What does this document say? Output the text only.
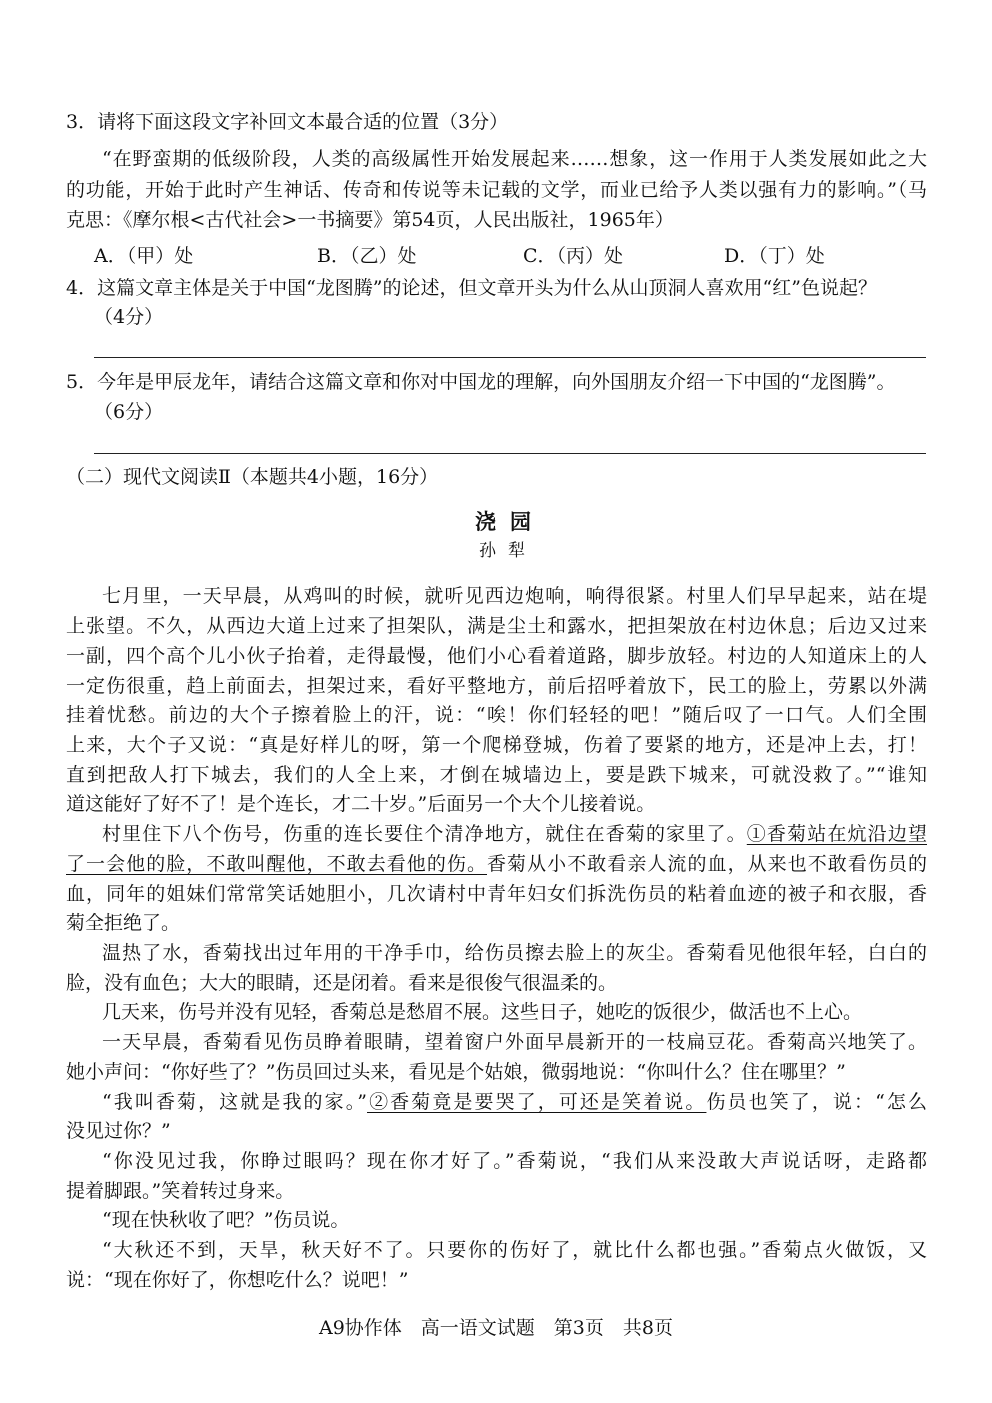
3．请将下面这段文字补回文本最合适的位置（3分）
“在野蛮期的低级阶段，人类的高级属性开始发展起来……想象，这一作用于人类发展如此之大
的功能，开始于此时产生神话、传奇和传说等未记载的文学，而业已给予人类以强有力的影响。”（马
克思：《摩尔根<古代社会>一书摘要》第54页，人民出版社，1965年）
A．（甲）处	B．（乙）处	C．（丙）处	D．（丁）处
4．这篇文章主体是关于中国“龙图腾”的论述，但文章开头为什么从山顶洞人喜欢用“红”色说起？
（4分）
5．今年是甲辰龙年，请结合这篇文章和你对中国龙的理解，向外国朋友介绍一下中国的“龙图腾”。
（6分）
（二）现代文阅读Ⅱ（本题共4小题，16分）
浇园
孙犁
七月里，一天早晨，从鸡叫的时候，就听见西边炮响，响得很紧。村里人们早早起来，站在堤
上张望。不久，从西边大道上过来了担架队，满是尘土和露水，把担架放在村边休息；后边又过来
一副，四个高个儿小伙子抬着，走得最慢，他们小心看着道路，脚步放轻。村边的人知道床上的人
一定伤很重，趋上前面去，担架过来，看好平整地方，前后招呼着放下，民工的脸上，劳累以外满
挂着忧愁。前边的大个子擦着脸上的汗，说：“唉！你们轻轻的吧！”随后叹了一口气。人们全围
上来，大个子又说：“真是好样儿的呀，第一个爬梯登城，伤着了要紧的地方，还是冲上去，打！
直到把敌人打下城去，我们的人全上来，才倒在城墙边上，要是跌下城来，可就没救了。”“谁知
道这能好了好不了！是个连长，才二十岁。”后面另一个大个儿接着说。
村里住下八个伤号，伤重的连长要住个清净地方，就住在香菊的家里了。①香菊站在炕沿边望
了一会他的脸，不敢叫醒他，不敢去看他的伤。香菊从小不敢看亲人流的血，从来也不敢看伤员的
血，同年的姐妹们常常笑话她胆小，几次请村中青年妇女们拆洗伤员的粘着血迹的被子和衣服，香
菊全拒绝了。
温热了水，香菊找出过年用的干净手巾，给伤员擦去脸上的灰尘。香菊看见他很年轻，白白的
脸，没有血色；大大的眼睛，还是闭着。看来是很俊气很温柔的。
几天来，伤号并没有见轻，香菊总是愁眉不展。这些日子，她吃的饭很少，做活也不上心。
一天早晨，香菊看见伤员睁着眼睛，望着窗户外面早晨新开的一枝扁豆花。香菊高兴地笑了。
她小声问：“你好些了？”伤员回过头来，看见是个姑娘，微弱地说：“你叫什么？住在哪里？”
“我叫香菊，这就是我的家。”②香菊竟是要哭了，可还是笑着说。伤员也笑了，说：“怎么
没见过你？”
“你没见过我，你睁过眼吗？现在你才好了。”香菊说，“我们从来没敢大声说话呀，走路都
提着脚跟。”笑着转过身来。
“现在快秋收了吧？”伤员说。
“大秋还不到，天旱，秋天好不了。只要你的伤好了，就比什么都也强。”香菊点火做饭，又
说：“现在你好了，你想吃什么？说吧！”
A9协作体　高一语文试题　第3页　共8页
